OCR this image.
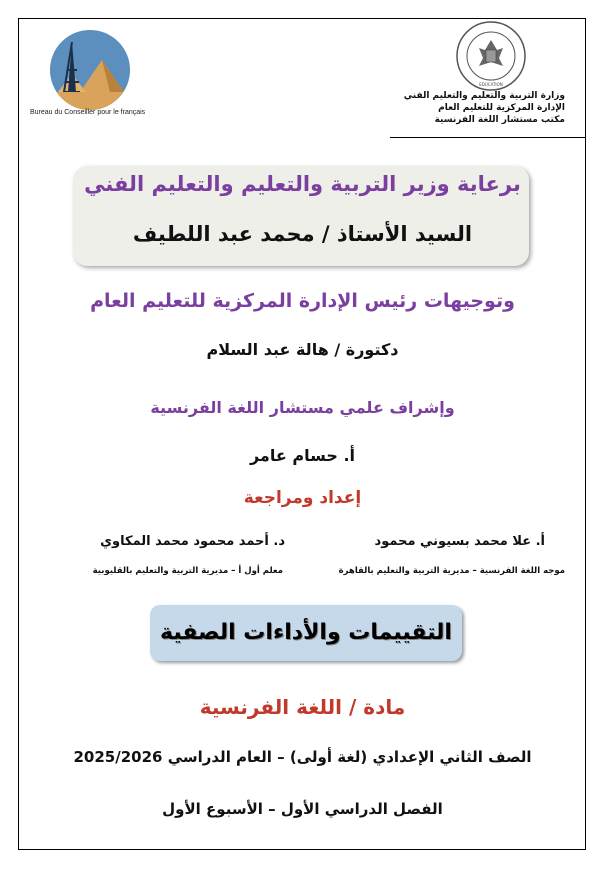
Bureau du Conseiller pour le français
EDUCATION
وزارة التربية والتعليم والتعليم الفني
الإدارة المركزية للتعليم العام
مكتب مستشار اللغة الفرنسية
برعاية وزير التربية والتعليم والتعليم الفني
السيد الأستاذ / محمد عبد اللطيف
وتوجيهات رئيس الإدارة المركزية للتعليم العام
دكتورة / هالة عبد السلام
وإشراف علمي مستشار اللغة الفرنسية
أ. حسام عامر
إعداد ومراجعة
أ. علا محمد بسيوني محمود
موجه اللغة الفرنسية – مديرية التربية والتعليم بالقاهرة
د. أحمد محمود محمد المكاوي
معلم أول أ – مديرية التربية والتعليم بالقليوبية
التقييمات والأداءات الصفية
مادة / اللغة الفرنسية
الصف الثاني الإعدادي (لغة أولى) – العام الدراسي 2025/2026
الفصل الدراسي الأول – الأسبوع الأول
